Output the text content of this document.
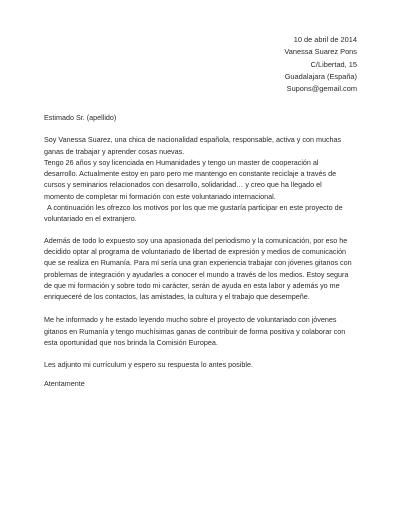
10 de abril de 2014
Vanessa Suarez Pons
C/Libertad, 15
Guadalajara (España)
Supons@gemail.com
Estimado Sr. (apellido)
Soy Vanessa Suarez, una chica de nacionalidad española, responsable, activa y con muchas
ganas de trabajar y aprender cosas nuevas.
Tengo 26 años y soy licenciada en Humanidades y tengo un master de cooperación al
desarrollo. Actualmente estoy en paro pero me mantengo en constante reciclaje a través de
cursos y seminarios relacionados con desarrollo, solidaridad… y creo que ha llegado el
momento de completar mi formación con este voluntariado internacional.
A continuación les ofrezco los motivos por los que me gustaría participar en este proyecto de
voluntariado en el extranjero.
Además de todo lo expuesto soy una apasionada del periodismo y la comunicación, por eso he
decidido optar al programa de voluntariado de libertad de expresión y medios de comunicación
que se realiza en Rumanía. Para mí sería una gran experiencia trabajar con jóvenes gitanos con
problemas de integración y ayudarles a conocer el mundo a través de los medios. Estoy segura
de que mi formación y sobre todo mi carácter, serán de ayuda en esta labor y además yo me
enriqueceré de los contactos, las amistades, la cultura y el trabajo que desempeñe.
Me he informado y he estado leyendo mucho sobre el proyecto de voluntariado con jóvenes
gitanos en Rumanía y tengo muchísimas ganas de contribuir de forma positiva y colaborar con
esta oportunidad que nos brinda la Comisión Europea.
Les adjunto mi currículum y espero su respuesta lo antes posible.
Atentamente
